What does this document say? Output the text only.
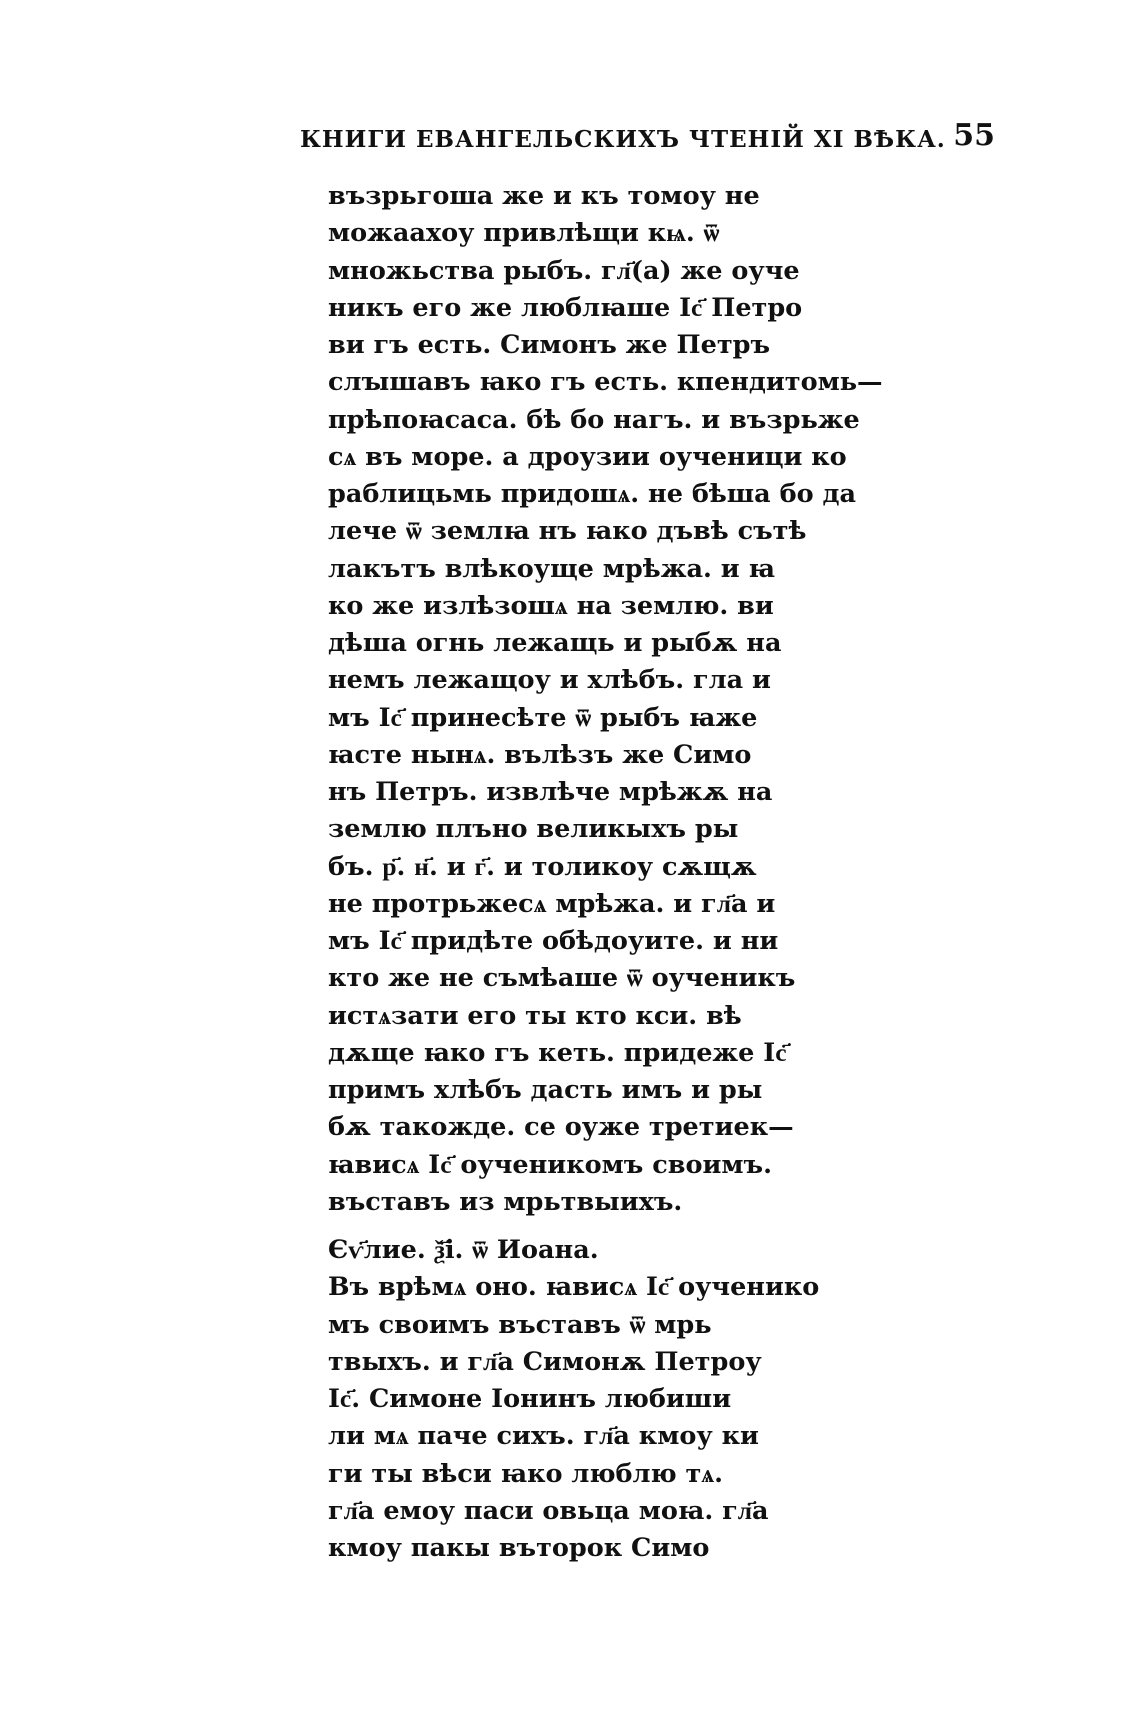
КНИГИ ЕВАНГЕЛЬСКИХЪ ЧТЕНІЙ XI ВѢКА. 55
възрьгоша же и къ томоу не
можаахоу привлѣщи кѩ. ѿ
множьства рыбъ. гл҃(а) же оуче
никъ его же люблꙗше Іс҃ Петро
ви гъ есть. Симонъ же Петръ
слꙑшавъ ꙗко гъ есть. кпендитомь—
прѣпоꙗсаса. бѣ бо нагъ. и възрьже
сѧ въ море. а дроузии оученици ко
раблицьмь придошѧ. не бѣша бо да
лече ѿ землꙗ нъ ꙗко дъвѣ сътѣ
лакътъ влѣкоуще мрѣжа. и ꙗ
ко же излѣзошѧ на землю. ви
дѣша огнь лежащь и рыбѫ на
немъ лежащоу и хлѣбъ. гла и
мъ Іс҃ принесѣте ѿ рыбъ ꙗже
ꙗсте нынѧ. вълѣзъ же Симо
нъ Петръ. извлѣче мрѣжѫ на
землю плъно великыхъ ры
бъ. р҃. н҃. и г҃. и толикоу сѫщѫ
не протрьжесѧ мрѣжа. и гл҃а и
мъ Іс҃ придѣте обѣдоуите. и ни
кто же не съмѣаше ѿ оученикъ
истѧзати его ты кто кси. вѣ
дѫще ꙗко гъ кеть. придеже Іс҃
примъ хлѣбъ дасть имъ и ры
бѫ такожде. се оуже третиек—
ꙗвисѧ Іс҃ оученикомъ своимъ.
въставъ из мрьтвыихъ.
Єѵ҃лие. ѯ҃і. ѿ Иоана.
Въ врѣмѧ оно. ꙗвисѧ Іс҃ оученико
мъ своимъ въставъ ѿ мрь
твыхъ. и гл҃а Симонѫ Петроу
Іс҃. Симоне Іонинъ любиши
ли мѧ паче сихъ. гл҃а кмоу ки
ги ты вѣси ꙗко люблю тѧ.
гл҃а емоу паси овьца моꙗ. гл҃а
кмоу пакы въторок Симо
